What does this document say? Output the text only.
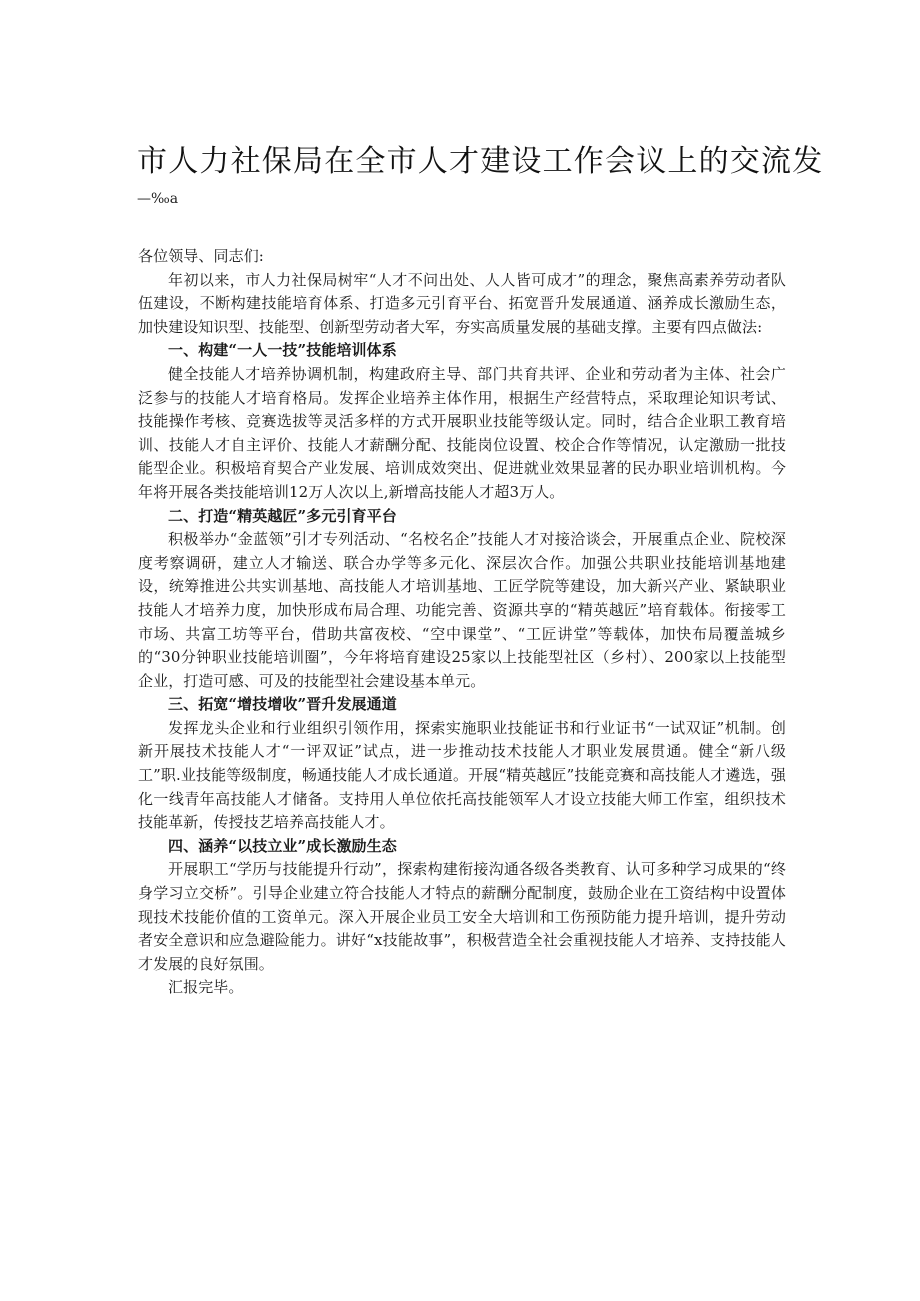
市人力社保局在全市人才建设工作会议上的交流发
—‰a

各位领导、同志们:

年初以来，市人力社保局树牢“人才不问出处、人人皆可成才”的理念，聚焦高素养劳动者队伍建设，不断构建技能培育体系、打造多元引育平台、拓宽晋升发展通道、涵养成长激励生态，加快建设知识型、技能型、创新型劳动者大军，夯实高质量发展的基础支撑。主要有四点做法:

一、构建“一人一技”技能培训体系

健全技能人才培养协调机制，构建政府主导、部门共育共评、企业和劳动者为主体、社会广泛参与的技能人才培育格局。发挥企业培养主体作用，根据生产经营特点，采取理论知识考试、技能操作考核、竞赛选拔等灵活多样的方式开展职业技能等级认定。同时，结合企业职工教育培训、技能人才自主评价、技能人才薪酬分配、技能岗位设置、校企合作等情况，认定激励一批技能型企业。积极培育契合产业发展、培训成效突出、促进就业效果显著的民办职业培训机构。今年将开展各类技能培训12万人次以上,新增高技能人才超3万人。

二、打造“精英越匠”多元引育平台

积极举办“金蓝领”引才专列活动、“名校名企”技能人才对接洽谈会，开展重点企业、院校深度考察调研，建立人才输送、联合办学等多元化、深层次合作。加强公共职业技能培训基地建设，统筹推进公共实训基地、高技能人才培训基地、工匠学院等建设，加大新兴产业、紧缺职业技能人才培养力度，加快形成布局合理、功能完善、资源共享的“精英越匠”培育载体。衔接零工市场、共富工坊等平台，借助共富夜校、“空中课堂”、“工匠讲堂”等载体，加快布局覆盖城乡的“30分钟职业技能培训圈”，今年将培育建设25家以上技能型社区（乡村）、200家以上技能型企业，打造可感、可及的技能型社会建设基本单元。

三、拓宽“增技增收”晋升发展通道

发挥龙头企业和行业组织引领作用，探索实施职业技能证书和行业证书“一试双证”机制。创新开展技术技能人才“一评双证”试点，进一步推动技术技能人才职业发展贯通。健全“新八级工”职.业技能等级制度，畅通技能人才成长通道。开展“精英越匠”技能竞赛和高技能人才遴选，强化一线青年高技能人才储备。支持用人单位依托高技能领军人才设立技能大师工作室，组织技术技能革新，传授技艺培养高技能人才。

四、涵养“以技立业”成长激励生态

开展职工“学历与技能提升行动”，探索构建衔接沟通各级各类教育、认可多种学习成果的“终身学习立交桥”。引导企业建立符合技能人才特点的薪酬分配制度，鼓励企业在工资结构中设置体现技术技能价值的工资单元。深入开展企业员工安全大培训和工伤预防能力提升培训，提升劳动者安全意识和应急避险能力。讲好“x技能故事”，积极营造全社会重视技能人才培养、支持技能人才发展的良好氛围。

汇报完毕。
